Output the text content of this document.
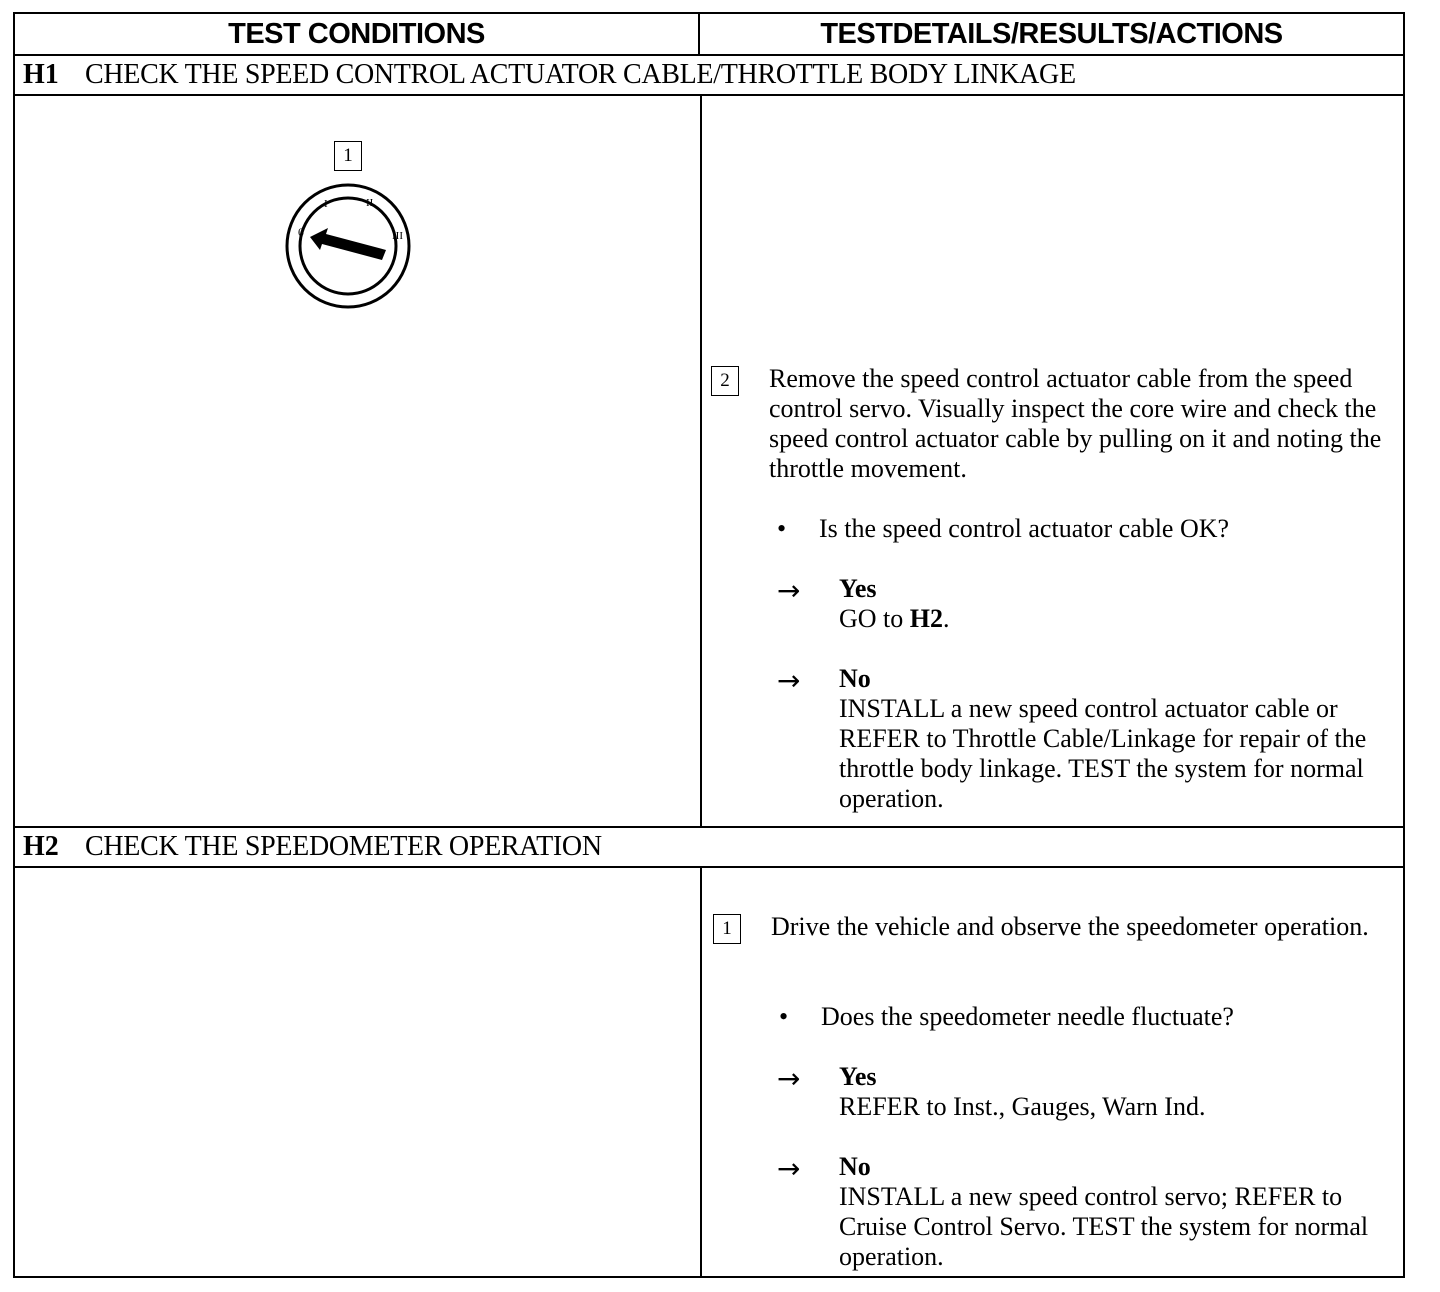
TEST CONDITIONS	TESTDETAILS/RESULTS/ACTIONS
H1 CHECK THE SPEED CONTROL ACTUATOR CABLE/THROTTLE BODY LINKAGE
1
0
I	II
III
2	Remove the speed control actuator cable from the speed control servo. Visually inspect the core wire and check the speed control actuator cable by pulling on it and noting the throttle movement.
• Is the speed control actuator cable OK?
→ Yes
GO to H2.
→ No
INSTALL a new speed control actuator cable or REFER to Throttle Cable/Linkage for repair of the throttle body linkage. TEST the system for normal operation.
H2 CHECK THE SPEEDOMETER OPERATION
1	Drive the vehicle and observe the speedometer operation.
• Does the speedometer needle fluctuate?
→ Yes
REFER to Inst., Gauges, Warn Ind.
→ No
INSTALL a new speed control servo; REFER to Cruise Control Servo. TEST the system for normal operation.
